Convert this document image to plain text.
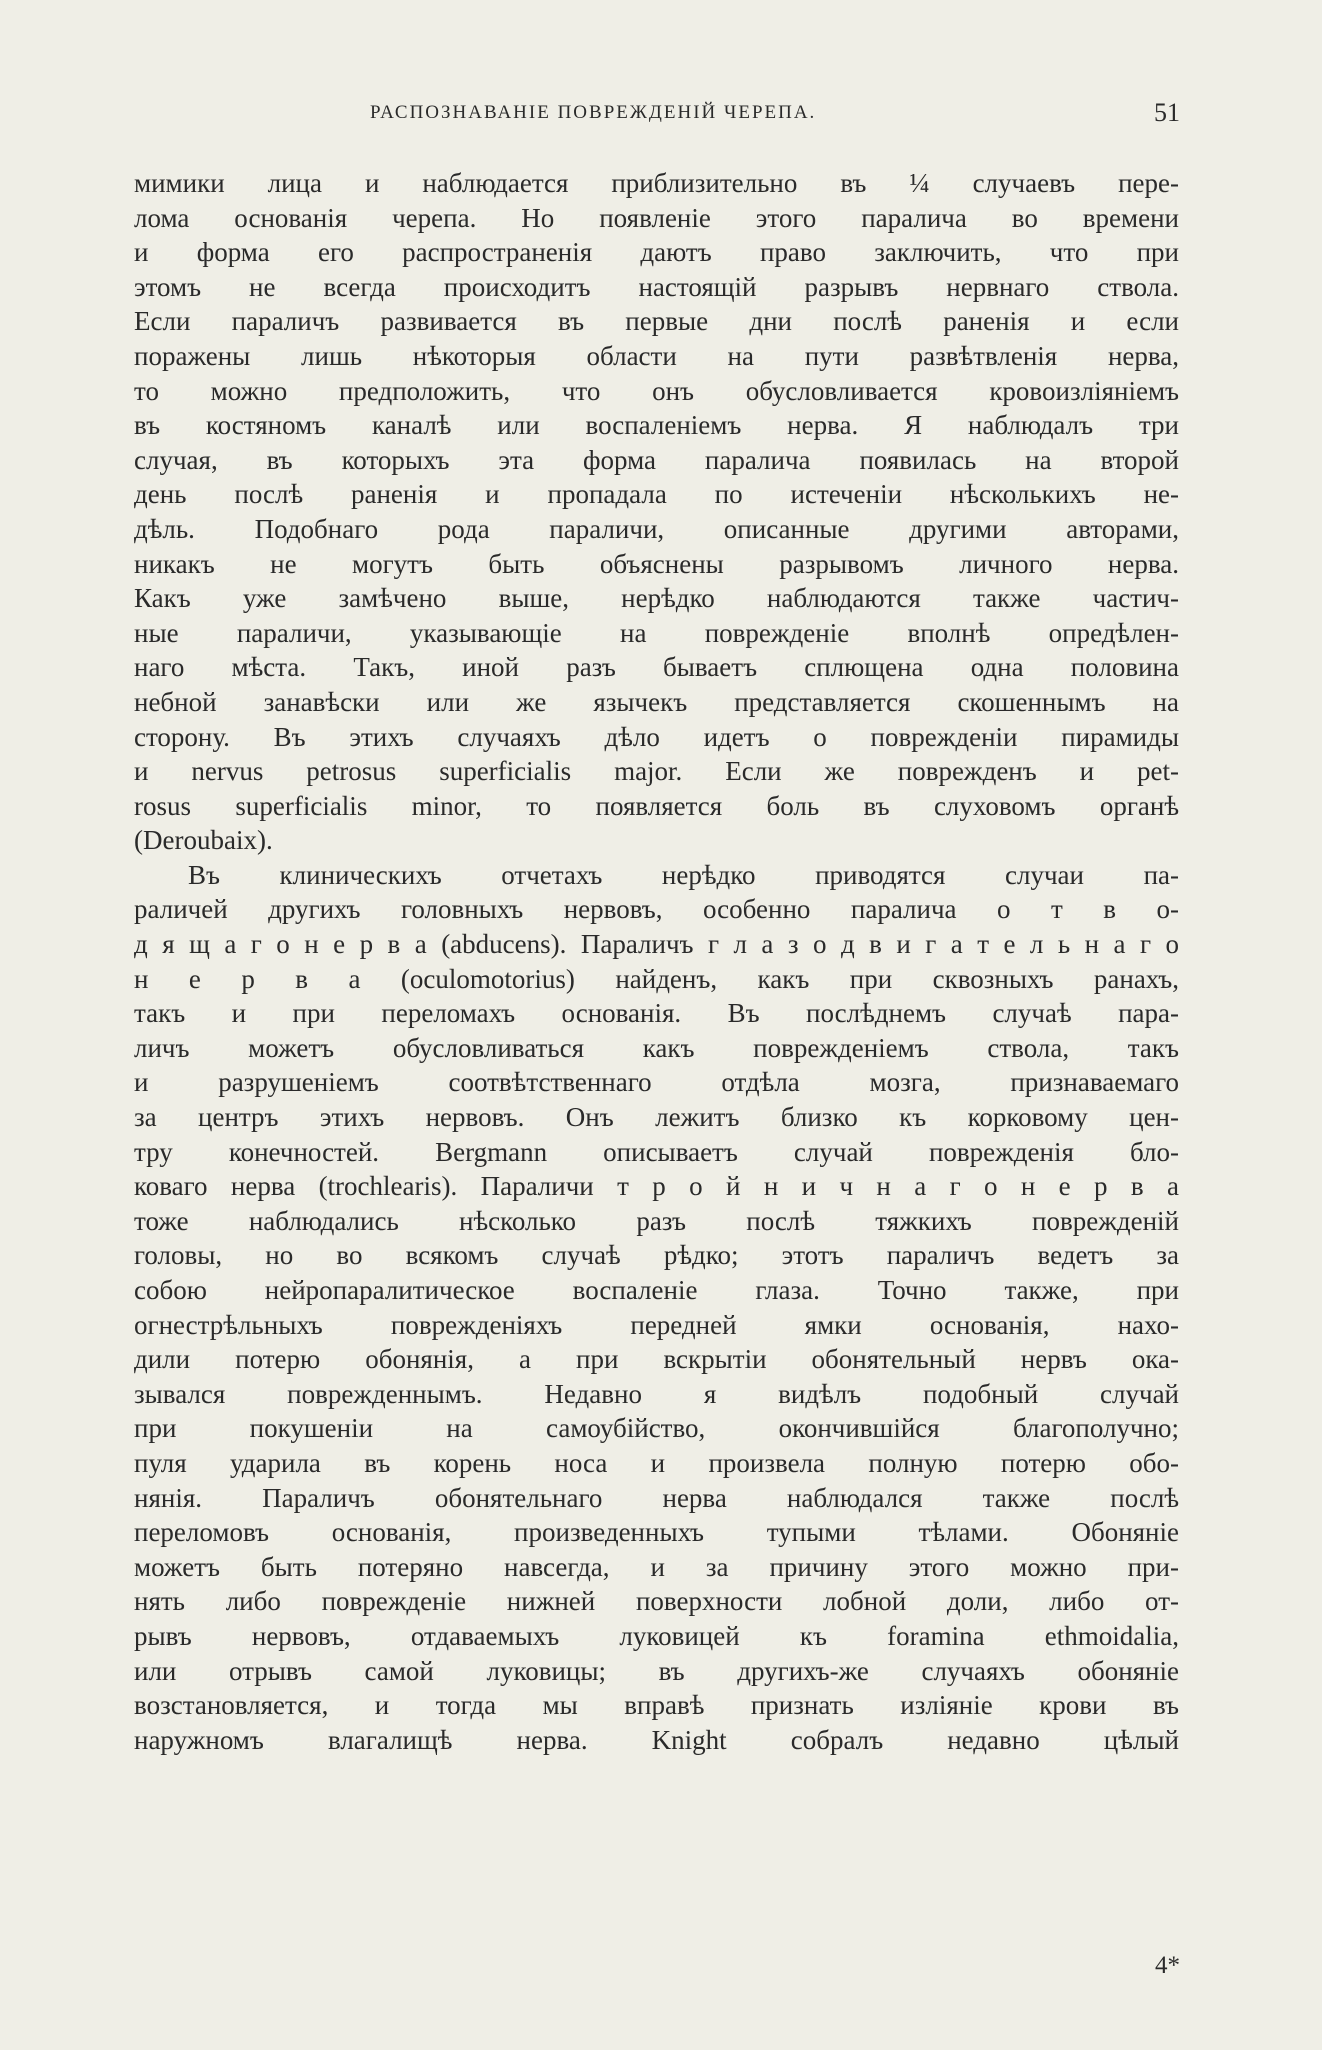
РАСПОЗНАВАНІЕ ПОВРЕЖДЕНІЙ ЧЕРЕПА.	51
мимики лица и наблюдается приблизительно въ ¼ случаевъ пере-
лома основанія черепа. Но появленіе этого паралича во времени
и форма его распространенія даютъ право заключить, что при
этомъ не всегда происходитъ настоящій разрывъ нервнаго ствола.
Если параличъ развивается въ первые дни послѣ раненія и если
поражены лишь нѣкоторыя области на пути развѣтвленія нерва,
то можно предположить, что онъ обусловливается кровоизліяніемъ
въ костяномъ каналѣ или воспаленіемъ нерва. Я наблюдалъ три
случая, въ которыхъ эта форма паралича появилась на второй
день послѣ раненія и пропадала по истеченіи нѣсколькихъ не-
дѣль. Подобнаго рода параличи, описанные другими авторами,
никакъ не могутъ быть объяснены разрывомъ личного нерва.
Какъ уже замѣчено выше, нерѣдко наблюдаются также частич-
ные параличи, указывающіе на поврежденіе вполнѣ опредѣлен-
наго мѣста. Такъ, иной разъ бываетъ сплющена одна половина
небной занавѣски или же язычекъ представляется скошеннымъ на
сторону. Въ этихъ случаяхъ дѣло идетъ о поврежденіи пирамиды
и nervus petrosus superficialis major. Если же поврежденъ и pet-
rosus superficialis minor, то появляется боль въ слуховомъ органѣ
(Deroubaix).
Въ клиническихъ отчетахъ нерѣдко приводятся случаи па-
раличей другихъ головныхъ нервовъ, особенно паралича о т в о-
д я щ а г о н е р в а (abducens). Параличъ г л а з о д в и г а т е л ь н а г о
н е р в а (oculomotorius) найденъ, какъ при сквозныхъ ранахъ,
такъ и при переломахъ основанія. Въ послѣднемъ случаѣ пара-
личъ можетъ обусловливаться какъ поврежденіемъ ствола, такъ
и разрушеніемъ соотвѣтственнаго отдѣла мозга, признаваемаго
за центръ этихъ нервовъ. Онъ лежитъ близко къ корковому цен-
тру конечностей. Bergmann описываетъ случай поврежденія бло-
коваго нерва (trochlearis). Параличи т р о й н и ч н а г о н е р в а
тоже наблюдались нѣсколько разъ послѣ тяжкихъ поврежденій
головы, но во всякомъ случаѣ рѣдко; этотъ параличъ ведетъ за
собою нейропаралитическое воспаленіе глаза. Точно также, при
огнестрѣльныхъ поврежденіяхъ передней ямки основанія, нахо-
дили потерю обонянія, а при вскрытіи обонятельный нервъ ока-
зывался поврежденнымъ. Недавно я видѣлъ подобный случай
при покушеніи на самоубійство, окончившійся благополучно;
пуля ударила въ корень носа и произвела полную потерю обо-
нянія. Параличъ обонятельнаго нерва наблюдался также послѣ
переломовъ основанія, произведенныхъ тупыми тѣлами. Обоняніе
можетъ быть потеряно навсегда, и за причину этого можно при-
нять либо поврежденіе нижней поверхности лобной доли, либо от-
рывъ нервовъ, отдаваемыхъ луковицей къ foramina ethmoidalia,
или отрывъ самой луковицы; въ другихъ-же случаяхъ обоняніе
возстановляется, и тогда мы вправѣ признать изліяніе крови въ
наружномъ влагалищѣ нерва. Knight собралъ недавно цѣлый
4*
